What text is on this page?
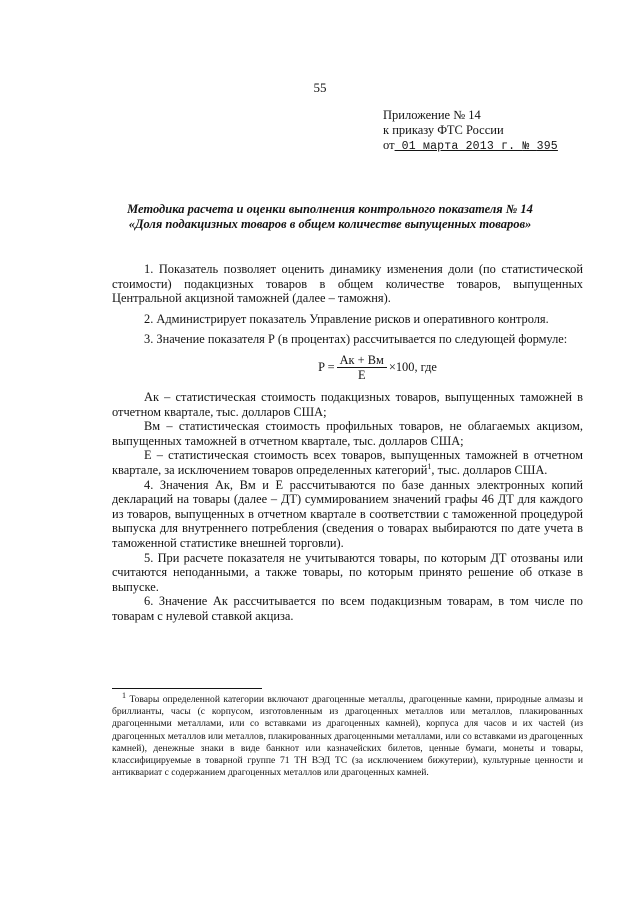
55
Приложение № 14
к приказу ФТС России
от 01 марта 2013 г. № 395
Методика расчета и оценки выполнения контрольного показателя № 14
«Доля подакцизных товаров в общем количестве выпущенных товаров»

1. Показатель позволяет оценить динамику изменения доли (по статистической стоимости) подакцизных товаров в общем количестве товаров, выпущенных Центральной акцизной таможней (далее – таможня).

2. Администрирует показатель Управление рисков и оперативного контроля.

3. Значение показателя Р (в процентах) рассчитывается по следующей формуле:

$P = \frac{Ак + Вм}{Е} \times 100$, где

Ак – статистическая стоимость подакцизных товаров, выпущенных таможней в отчетном квартале, тыс. долларов США;

Вм – статистическая стоимость профильных товаров, не облагаемых акцизом, выпущенных таможней в отчетном квартале, тыс. долларов США;

Е – статистическая стоимость всех товаров, выпущенных таможней в отчетном квартале, за исключением товаров определенных категорий$^1$, тыс. долларов США.

4. Значения Ак, Вм и Е рассчитываются по базе данных электронных копий деклараций на товары (далее – ДТ) суммированием значений графы 46 ДТ для каждого из товаров, выпущенных в отчетном квартале в соответствии с таможенной процедурой выпуска для внутреннего потребления (сведения о товарах выбираются по дате учета в таможенной статистике внешней торговли).

5. При расчете показателя не учитываются товары, по которым ДТ отозваны или считаются неподанными, а также товары, по которым принято решение об отказе в выпуске.

6. Значение Ак рассчитывается по всем подакцизным товарам, в том числе по товарам с нулевой ставкой акциза.

$^1$ Товары определенной категории включают драгоценные металлы, драгоценные камни, природные алмазы и бриллианты, часы (с корпусом, изготовленным из драгоценных металлов или металлов, плакированных драгоценными металлами, или со вставками из драгоценных камней), корпуса для часов и их частей (из драгоценных металлов или металлов, плакированных драгоценными металлами, или со вставками из драгоценных камней), денежные знаки в виде банкнот или казначейских билетов, ценные бумаги, монеты и товары, классифицируемые в товарной группе 71 ТН ВЭД ТС (за исключением бижутерии), культурные ценности и антиквариат с содержанием драгоценных металлов или драгоценных камней.
